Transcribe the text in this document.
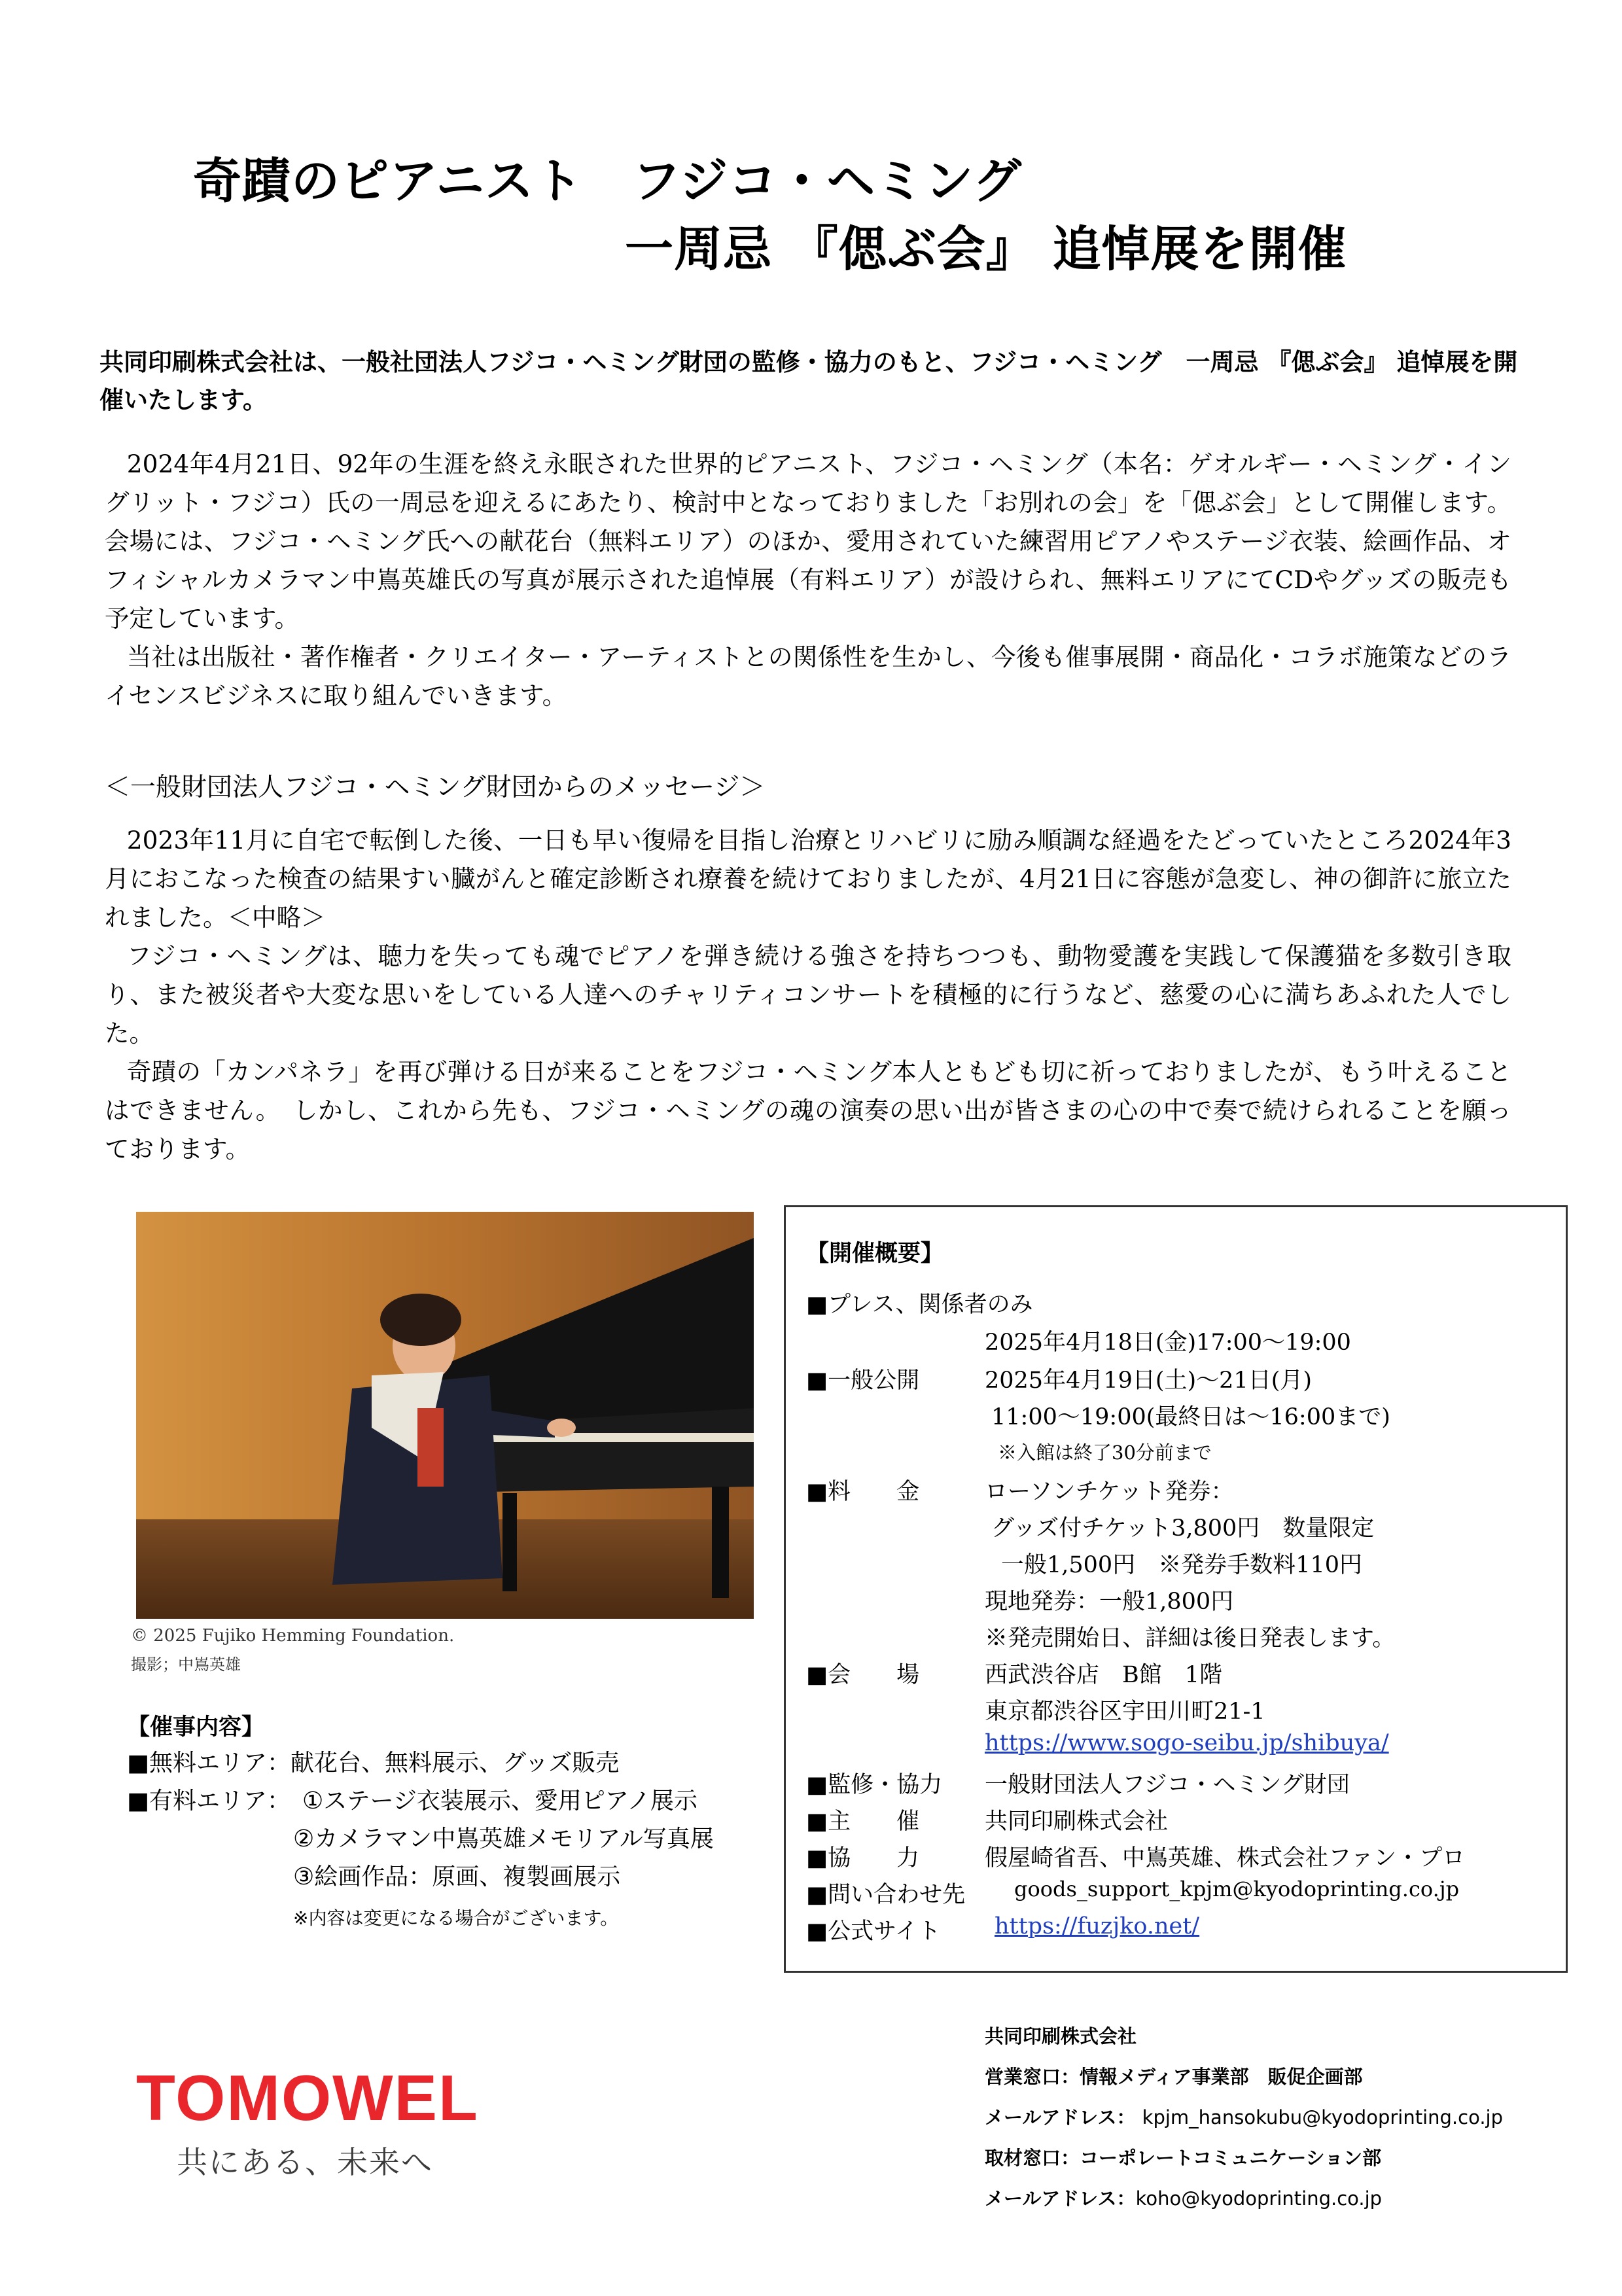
奇蹟のピアニスト　フジコ・ヘミング
一周忌 『偲ぶ会』 追悼展を開催
共同印刷株式会社は、一般社団法人フジコ・ヘミング財団の監修・協力のもと、フジコ・ヘミング　一周忌 『偲ぶ会』 追悼展を開催いたします。

2024年4月21日、92年の生涯を終え永眠された世界的ピアニスト、フジコ・ヘミング（本名：ゲオルギー・ヘミング・イングリット・フジコ）氏の一周忌を迎えるにあたり、検討中となっておりました「お別れの会」を「偲ぶ会」として開催します。会場には、フジコ・ヘミング氏への献花台（無料エリア）のほか、愛用されていた練習用ピアノやステージ衣装、絵画作品、オフィシャルカメラマン中嶌英雄氏の写真が展示された追悼展（有料エリア）が設けられ、無料エリアにてCDやグッズの販売も予定しています。

当社は出版社・著作権者・クリエイター・アーティストとの関係性を生かし、今後も催事展開・商品化・コラボ施策などのライセンスビジネスに取り組んでいきます。

＜一般財団法人フジコ・ヘミング財団からのメッセージ＞

2023年11月に自宅で転倒した後、一日も早い復帰を目指し治療とリハビリに励み順調な経過をたどっていたところ2024年3月におこなった検査の結果すい臓がんと確定診断され療養を続けておりましたが、4月21日に容態が急変し、神の御許に旅立たれました。＜中略＞

フジコ・ヘミングは、聴力を失っても魂でピアノを弾き続ける強さを持ちつつも、動物愛護を実践して保護猫を多数引き取り、また被災者や大変な思いをしている人達へのチャリティコンサートを積極的に行うなど、慈愛の心に満ちあふれた人でした。

奇蹟の「カンパネラ」を再び弾ける日が来ることをフジコ・ヘミング本人ともども切に祈っておりましたが、もう叶えることはできません。　しかし、これから先も、フジコ・ヘミングの魂の演奏の思い出が皆さまの心の中で奏で続けられることを願っております。

© 2025 Fujiko Hemming Foundation.
撮影；中嶌英雄
【催事内容】
■無料エリア：献花台、無料展示、グッズ販売
■有料エリア：　①ステージ衣装展示、愛用ピアノ展示
②カメラマン中嶌英雄メモリアル写真展
③絵画作品：原画、複製画展示
※内容は変更になる場合がございます。
【開催概要】
■プレス、関係者のみ
2025年4月18日(金)17:00〜19:00
■一般公開	2025年4月19日(土)〜21日(月)
11:00〜19:00(最終日は〜16:00まで)
※入館は終了30分前まで
■料　　金	ローソンチケット発券：
グッズ付チケット3,800円　数量限定
一般1,500円　※発券手数料110円
現地発券：一般1,800円
※発売開始日、詳細は後日発表します。
■会　　場	西武渋谷店　B館　1階
東京都渋谷区宇田川町21-1
https://www.sogo-seibu.jp/shibuya/
■監修・協力 一般財団法人フジコ・ヘミング財団
■主　　催	共同印刷株式会社
■協　　力	假屋崎省吾、中嶌英雄、株式会社ファン・プロ
■問い合わせ先 goods_support_kpjm@kyodoprinting.co.jp
■公式サイト https://fuzjko.net/
共同印刷株式会社
営業窓口：情報メディア事業部　販促企画部
メールアドレス： kpjm_hansokubu@kyodoprinting.co.jp
取材窓口：コーポレートコミュニケーション部
メールアドレス：koho@kyodoprinting.co.jp
TOMOWEL
共にある、未来へ
